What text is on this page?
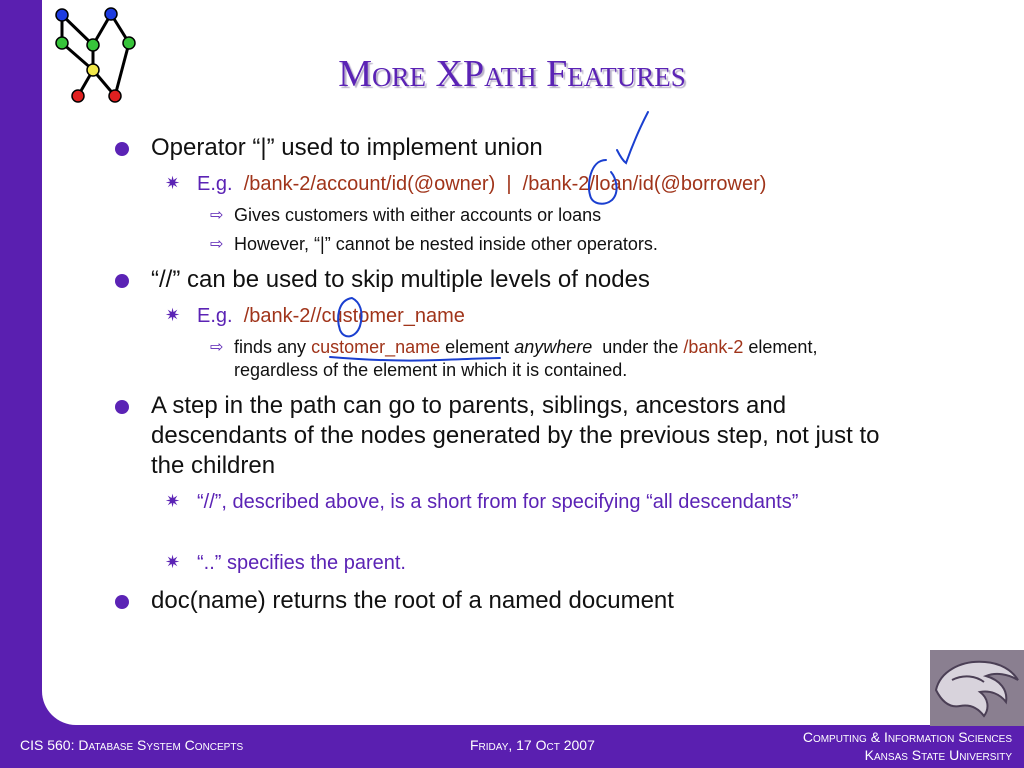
More XPath Features
Operator “|” used to implement union
✷ E.g. /bank-2/account/id(@owner)  |  /bank-2/loan/id(@borrower)
⇨ Gives customers with either accounts or loans
⇨ However, “|” cannot be nested inside other operators.
“//” can be used to skip multiple levels of nodes
✷ E.g. /bank-2//customer_name
⇨ finds any customer_name element anywhere under the /bank-2 element, regardless of the element in which it is contained.
A step in the path can go to parents, siblings, ancestors and descendants of the nodes generated by the previous step, not just to the children
✷ “//”, described above, is a short from for specifying “all descendants”
✷ “..” specifies the parent.
doc(name) returns the root of a named document
CIS 560: Database System Concepts	Friday, 17 Oct 2007	Computing & Information Sciences
Kansas State University
